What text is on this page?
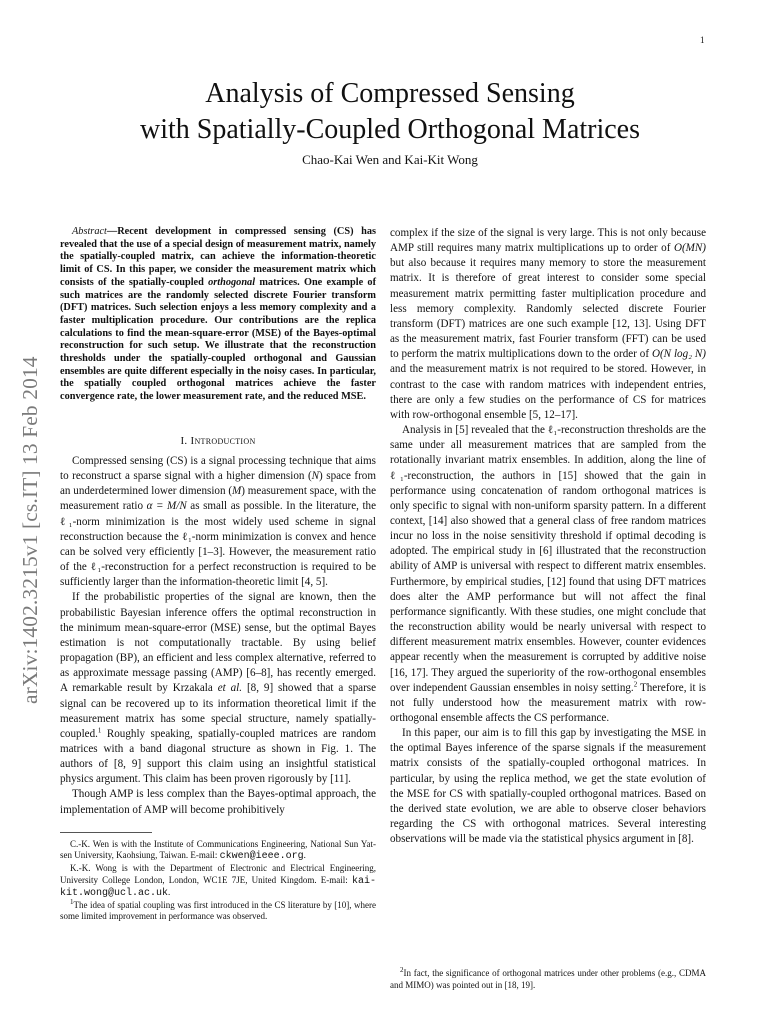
1
arXiv:1402.3215v1 [cs.IT] 13 Feb 2014
Analysis of Compressed Sensing
with Spatially-Coupled Orthogonal Matrices
Chao-Kai Wen and Kai-Kit Wong

Abstract—Recent development in compressed sensing (CS) has revealed that the use of a special design of measurement matrix, namely the spatially-coupled matrix, can achieve the information-theoretic limit of CS. In this paper, we consider the measurement matrix which consists of the spatially-coupled orthogonal matrices. One example of such matrices are the randomly selected discrete Fourier transform (DFT) matrices. Such selection enjoys a less memory complexity and a faster multiplication procedure. Our contributions are the replica calculations to find the mean-square-error (MSE) of the Bayes-optimal reconstruction for such setup. We illustrate that the reconstruction thresholds under the spatially-coupled orthogonal and Gaussian ensembles are quite different especially in the noisy cases. In particular, the spatially coupled orthogonal matrices achieve the faster convergence rate, the lower measurement rate, and the reduced MSE.

I. Introduction

Compressed sensing (CS) is a signal processing technique that aims to reconstruct a sparse signal with a higher dimension (N) space from an underdetermined lower dimension (M) measurement space, with the measurement ratio α = M/N as small as possible. In the literature, the ℓ₁-norm minimization is the most widely used scheme in signal reconstruction because the ℓ₁-norm minimization is convex and hence can be solved very efficiently [1–3]. However, the measurement ratio of the ℓ₁-reconstruction for a perfect reconstruction is required to be sufficiently larger than the information-theoretic limit [4, 5].

If the probabilistic properties of the signal are known, then the probabilistic Bayesian inference offers the optimal reconstruction in the minimum mean-square-error (MSE) sense, but the optimal Bayes estimation is not computationally tractable. By using belief propagation (BP), an efficient and less complex alternative, referred to as approximate message passing (AMP) [6–8], has recently emerged. A remarkable result by Krzakala et al. [8, 9] showed that a sparse signal can be recovered up to its information theoretical limit if the measurement matrix has some special structure, namely spatially-coupled.$^1$ Roughly speaking, spatially-coupled matrices are random matrices with a band diagonal structure as shown in Fig. 1. The authors of [8, 9] support this claim using an insightful statistical physics argument. This claim has been proven rigorously by [11].

Though AMP is less complex than the Bayes-optimal approach, the implementation of AMP will become prohibitively

C.-K. Wen is with the Institute of Communications Engineering, National Sun Yat-sen University, Kaohsiung, Taiwan. E-mail: ckwen@ieee.org.

K.-K. Wong is with the Department of Electronic and Electrical Engineering, University College London, London, WC1E 7JE, United Kingdom. E-mail: kai-kit.wong@ucl.ac.uk.

$^1$The idea of spatial coupling was first introduced in the CS literature by [10], where some limited improvement in performance was observed.

complex if the size of the signal is very large. This is not only because AMP still requires many matrix multiplications up to order of O(MN) but also because it requires many memory to store the measurement matrix. It is therefore of great interest to consider some special measurement matrix permitting faster multiplication procedure and less memory complexity. Randomly selected discrete Fourier transform (DFT) matrices are one such example [12, 13]. Using DFT as the measurement matrix, fast Fourier transform (FFT) can be used to perform the matrix multiplications down to the order of O(N log₂ N) and the measurement matrix is not required to be stored. However, in contrast to the case with random matrices with independent entries, there are only a few studies on the performance of CS for matrices with row-orthogonal ensemble [5, 12–17].

Analysis in [5] revealed that the ℓ₁-reconstruction thresholds are the same under all measurement matrices that are sampled from the rotationally invariant matrix ensembles. In addition, along the line of ℓ₁-reconstruction, the authors in [15] showed that the gain in performance using concatenation of random orthogonal matrices is only specific to signal with non-uniform sparsity pattern. In a different context, [14] also showed that a general class of free random matrices incur no loss in the noise sensitivity threshold if optimal decoding is adopted. The empirical study in [6] illustrated that the reconstruction ability of AMP is universal with respect to different matrix ensembles. Furthermore, by empirical studies, [12] found that using DFT matrices does alter the AMP performance but will not affect the final performance significantly. With these studies, one might conclude that the reconstruction ability would be nearly universal with respect to different measurement matrix ensembles. However, counter evidences appear recently when the measurement is corrupted by additive noise [16, 17]. They argued the superiority of the row-orthogonal ensembles over independent Gaussian ensembles in noisy setting.$^2$ Therefore, it is not fully understood how the measurement matrix with row-orthogonal ensemble affects the CS performance.

In this paper, our aim is to fill this gap by investigating the MSE in the optimal Bayes inference of the sparse signals if the measurement matrix consists of the spatially-coupled orthogonal matrices. In particular, by using the replica method, we get the state evolution of the MSE for CS with spatially-coupled orthogonal matrices. Based on the derived state evolution, we are able to observe closer behaviors regarding the CS with orthogonal matrices. Several interesting observations will be made via the statistical physics argument in [8].

$^2$In fact, the significance of orthogonal matrices under other problems (e.g., CDMA and MIMO) was pointed out in [18, 19].
